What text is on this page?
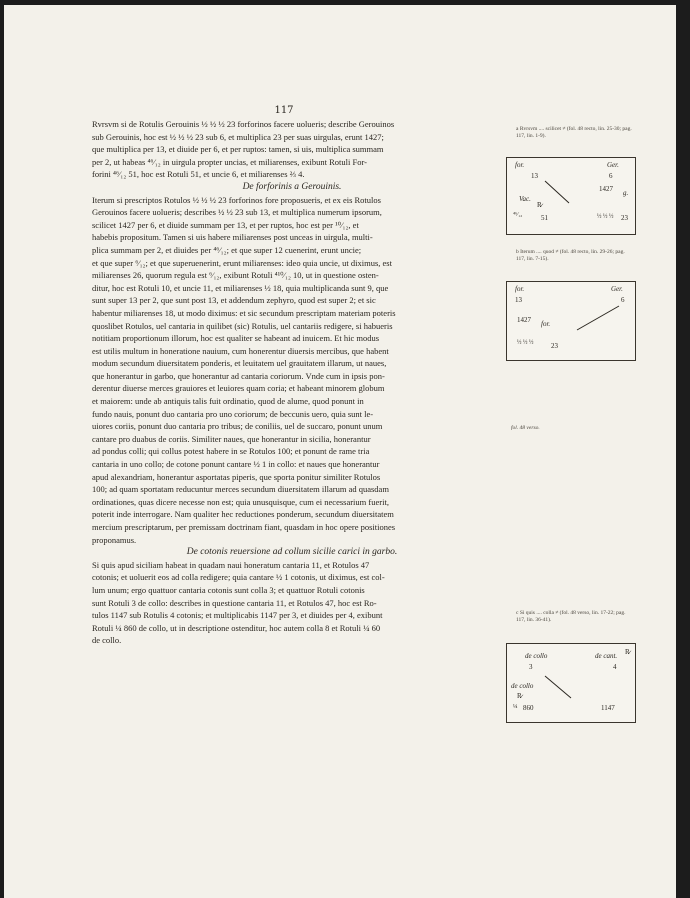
117
Rvrsvm si de Rotulis Gerouinis ½ ½ ½ 23 forforinos facere uolueris; describe Gerouinos
sub Gerouinis, hoc est ½ ½ ½ 23 sub 6, et multiplica 23 per suas uirgulas, erunt 1427;
que multiplica per 13, et diuide per 6, et per ruptos: tamen, si uis, multiplica summam
per 2, ut habeas ⁴⁶⁄₁₂ in uirgula propter uncias, et miliarenses, exibunt Rotuli For-
forini ⁴⁶⁄₁₂ 51, hoc est Rotuli 51, et uncie 6, et miliarenses ⅔ 4.
De forforinis a Gerouinis.
Iterum si prescriptos Rotulos ½ ½ ½ 23 forforinos fore proposueris, et ex eis Rotulos
Gerouinos facere uolueris; describes ½ ½ 23 sub 13, et multiplica numerum ipsorum,
scilicet 1427 per 6, et diuide summam per 13, et per ruptos, hoc est per ¹⁰⁄₁₂, et
habebis propositum. Tamen si uis habere miliarenses post unceas in uirgula, multi-
plica summam per 2, et diuides per ⁴⁶⁄₁₂; et que super 12 cuenerint, erunt uncie;
et que super ⁶⁄₁₂; et que superuenerint, erunt miliarenses: ideo quia uncie, ut diximus, est
miliarenses 26, quorum regula est ⁶⁄₁₂, exibunt Rotuli ⁴¹⁰⁄₁₂ 10, ut in questione osten-
ditur, hoc est Rotuli 10, et uncie 11, et miliarenses ½ 18, quia multiplicanda sunt 9, que
sunt super 13 per 2, que sunt post 13, et addendum zephyro, quod est super 2; et sic
habentur miliarenses 18, ut modo diximus: et sic secundum prescriptam materiam poteris
quoslibet Rotulos, uel cantaria in quilibet (sic) Rotulis, uel cantariis redigere, si habueris
notitiam proportionum illorum, hoc est qualiter se habeant ad inuicem. Et hic modus
est utilis multum in honeratione nauium, cum honerentur diuersis mercibus, que habent
modum secundum diuersitatem ponderis, et leuitatem uel grauitatem illarum, ut naues,
que honerantur in garbo, que honerantur ad cantaria coriorum. Vnde cum in ipsis pon-
derentur diuerse merces grauiores et leuiores quam coria; et habeant minorem globum
et maiorem: unde ab antiquis talis fuit ordinatio, quod de alume, quod ponunt in
fundo nauis, ponunt duo cantaria pro uno coriorum; de beccunis uero, quia sunt le-
uiores coriis, ponunt duo cantaria pro tribus; de coniliis, uel de succaro, ponunt unum
cantare pro duabus de coriis. Similiter naues, que honerantur in sicilia, honerantur
ad pondus colli; qui collus potest habere in se Rotulos 100; et ponunt de rame tria
cantaria in uno collo; de cotone ponunt cantare ½ 1 in collo: et naues que honerantur
apud alexandriam, honerantur asportatas piperis, que sporta ponitur similiter Rotulos
100; ad quam sportatam reducuntur merces secundum diuersitatem illarum ad quasdam
ordinationes, quas dicere necesse non est; quia unusquisque, cum ei necessarium fuerit,
poterit inde interrogare. Nam qualiter hec reductiones ponderum, secundum diuersitatem
mercium prescriptarum, per premissam doctrinam fiant, quasdam in hoc opere positiones
proponamus.
De cotonis reuersione ad collum sicilie carici in garbo.
Si quis apud siciliam habeat in quadam naui honeratum cantaria 11, et Rotulos 47
cotonis; et uoluerit eos ad colla redigere; quia cantare ½ 1 cotonis, ut diximus, est col-
lum unum; ergo quattuor cantaria cotonis sunt colla 3; et quattuor Rotuli cotonis
sunt Rotuli 3 de collo: describes in questione cantaria 11, et Rotulos 47, hoc est Ro-
tulos 1147 sub Rotulis 4 cotonis; et multiplicabis 1147 per 3, et diuides per 4, exibunt
Rotuli ¼ 860 de collo, ut in descriptione ostenditur, hoc autem colla 8 et Rotuli ¼ 60
de collo.
a Rvrsvm .... scilicet ≠ (fol. 48 recto, lin. 25-30; pag. 117, lin. 1-9).
for.	Ger.
13	6
1427 g.
Vac.
R̷
⁴⁶⁄₁₂	51	½ ½ ½ 23
b Iterum .... quod ≠ (fol. 48 recto, lin. 29-26; pag. 117, lin. 7-15).
for.	Ger.
13	6
1427 for.
½ ½ ½	23
fol. 48 verso.
c Si quis .... colla ≠ (fol. 48 verso, lin. 17-22; pag. 117, lin. 36-41).
de collo	de cant. R̷
3	4
de collo
R̷
¼ 860	1147
